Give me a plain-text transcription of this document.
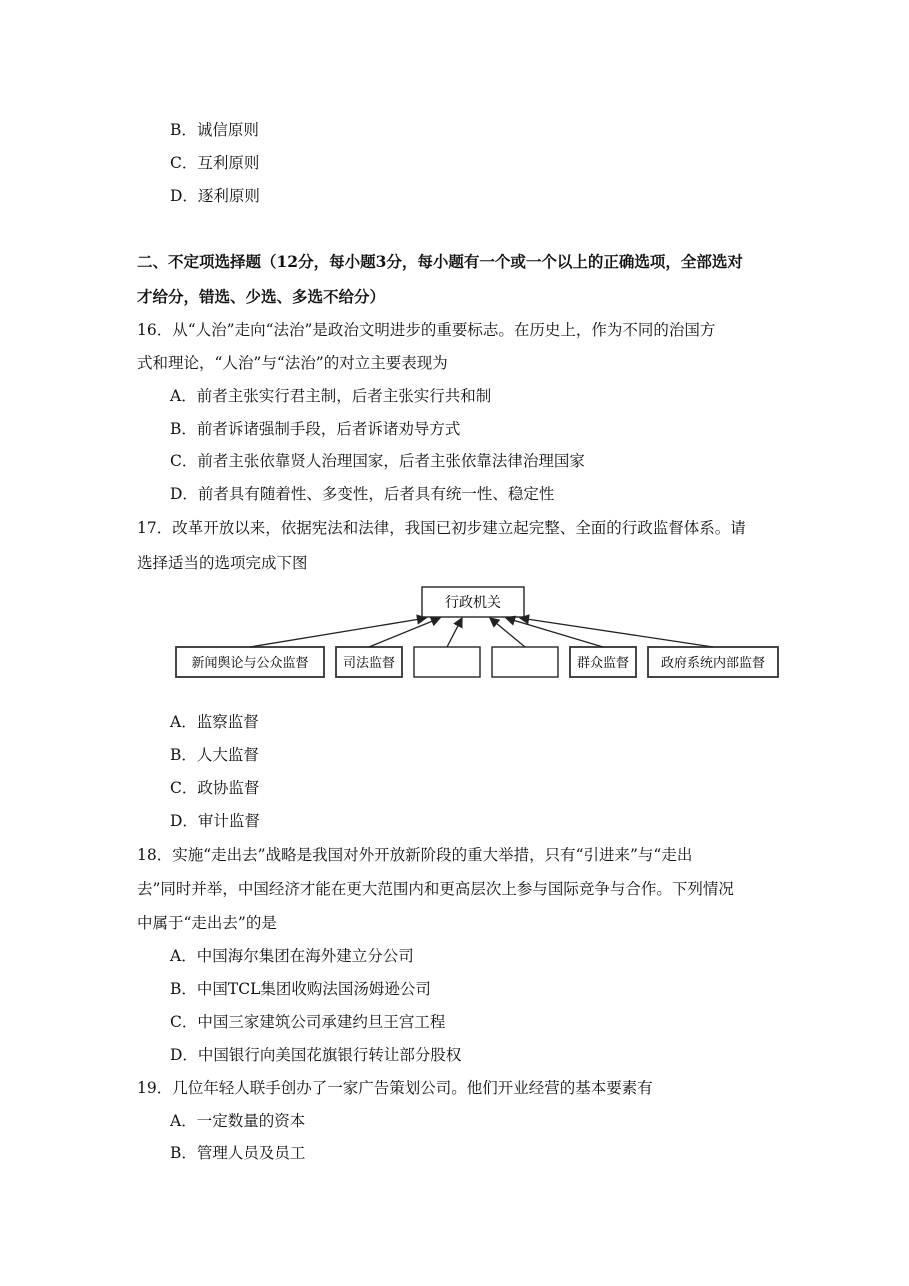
B．诚信原则
C．互利原则
D．逐利原则
二、不定项选择题（12分，每小题3分，每小题有一个或一个以上的正确选项，全部选对
才给分，错选、少选、多选不给分）
16．从“人治”走向“法治”是政治文明进步的重要标志。在历史上，作为不同的治国方
式和理论，“人治”与“法治”的对立主要表现为
A．前者主张实行君主制，后者主张实行共和制
B．前者诉诸强制手段，后者诉诸劝导方式
C．前者主张依靠贤人治理国家，后者主张依靠法律治理国家
D．前者具有随着性、多变性，后者具有统一性、稳定性
17．改革开放以来，依据宪法和法律，我国已初步建立起完整、全面的行政监督体系。请
选择适当的选项完成下图
行政机关
新闻舆论与公众监督	司法监督	群众监督 政府系统内部监督
A．监察监督
B．人大监督
C．政协监督
D．审计监督
18．实施“走出去”战略是我国对外开放新阶段的重大举措，只有“引进来”与“走出
去”同时并举，中国经济才能在更大范围内和更高层次上参与国际竞争与合作。下列情况
中属于“走出去”的是
A．中国海尔集团在海外建立分公司
B．中国TCL集团收购法国汤姆逊公司
C．中国三家建筑公司承建约旦王宫工程
D．中国银行向美国花旗银行转让部分股权
19．几位年轻人联手创办了一家广告策划公司。他们开业经营的基本要素有
A．一定数量的资本
B．管理人员及员工
